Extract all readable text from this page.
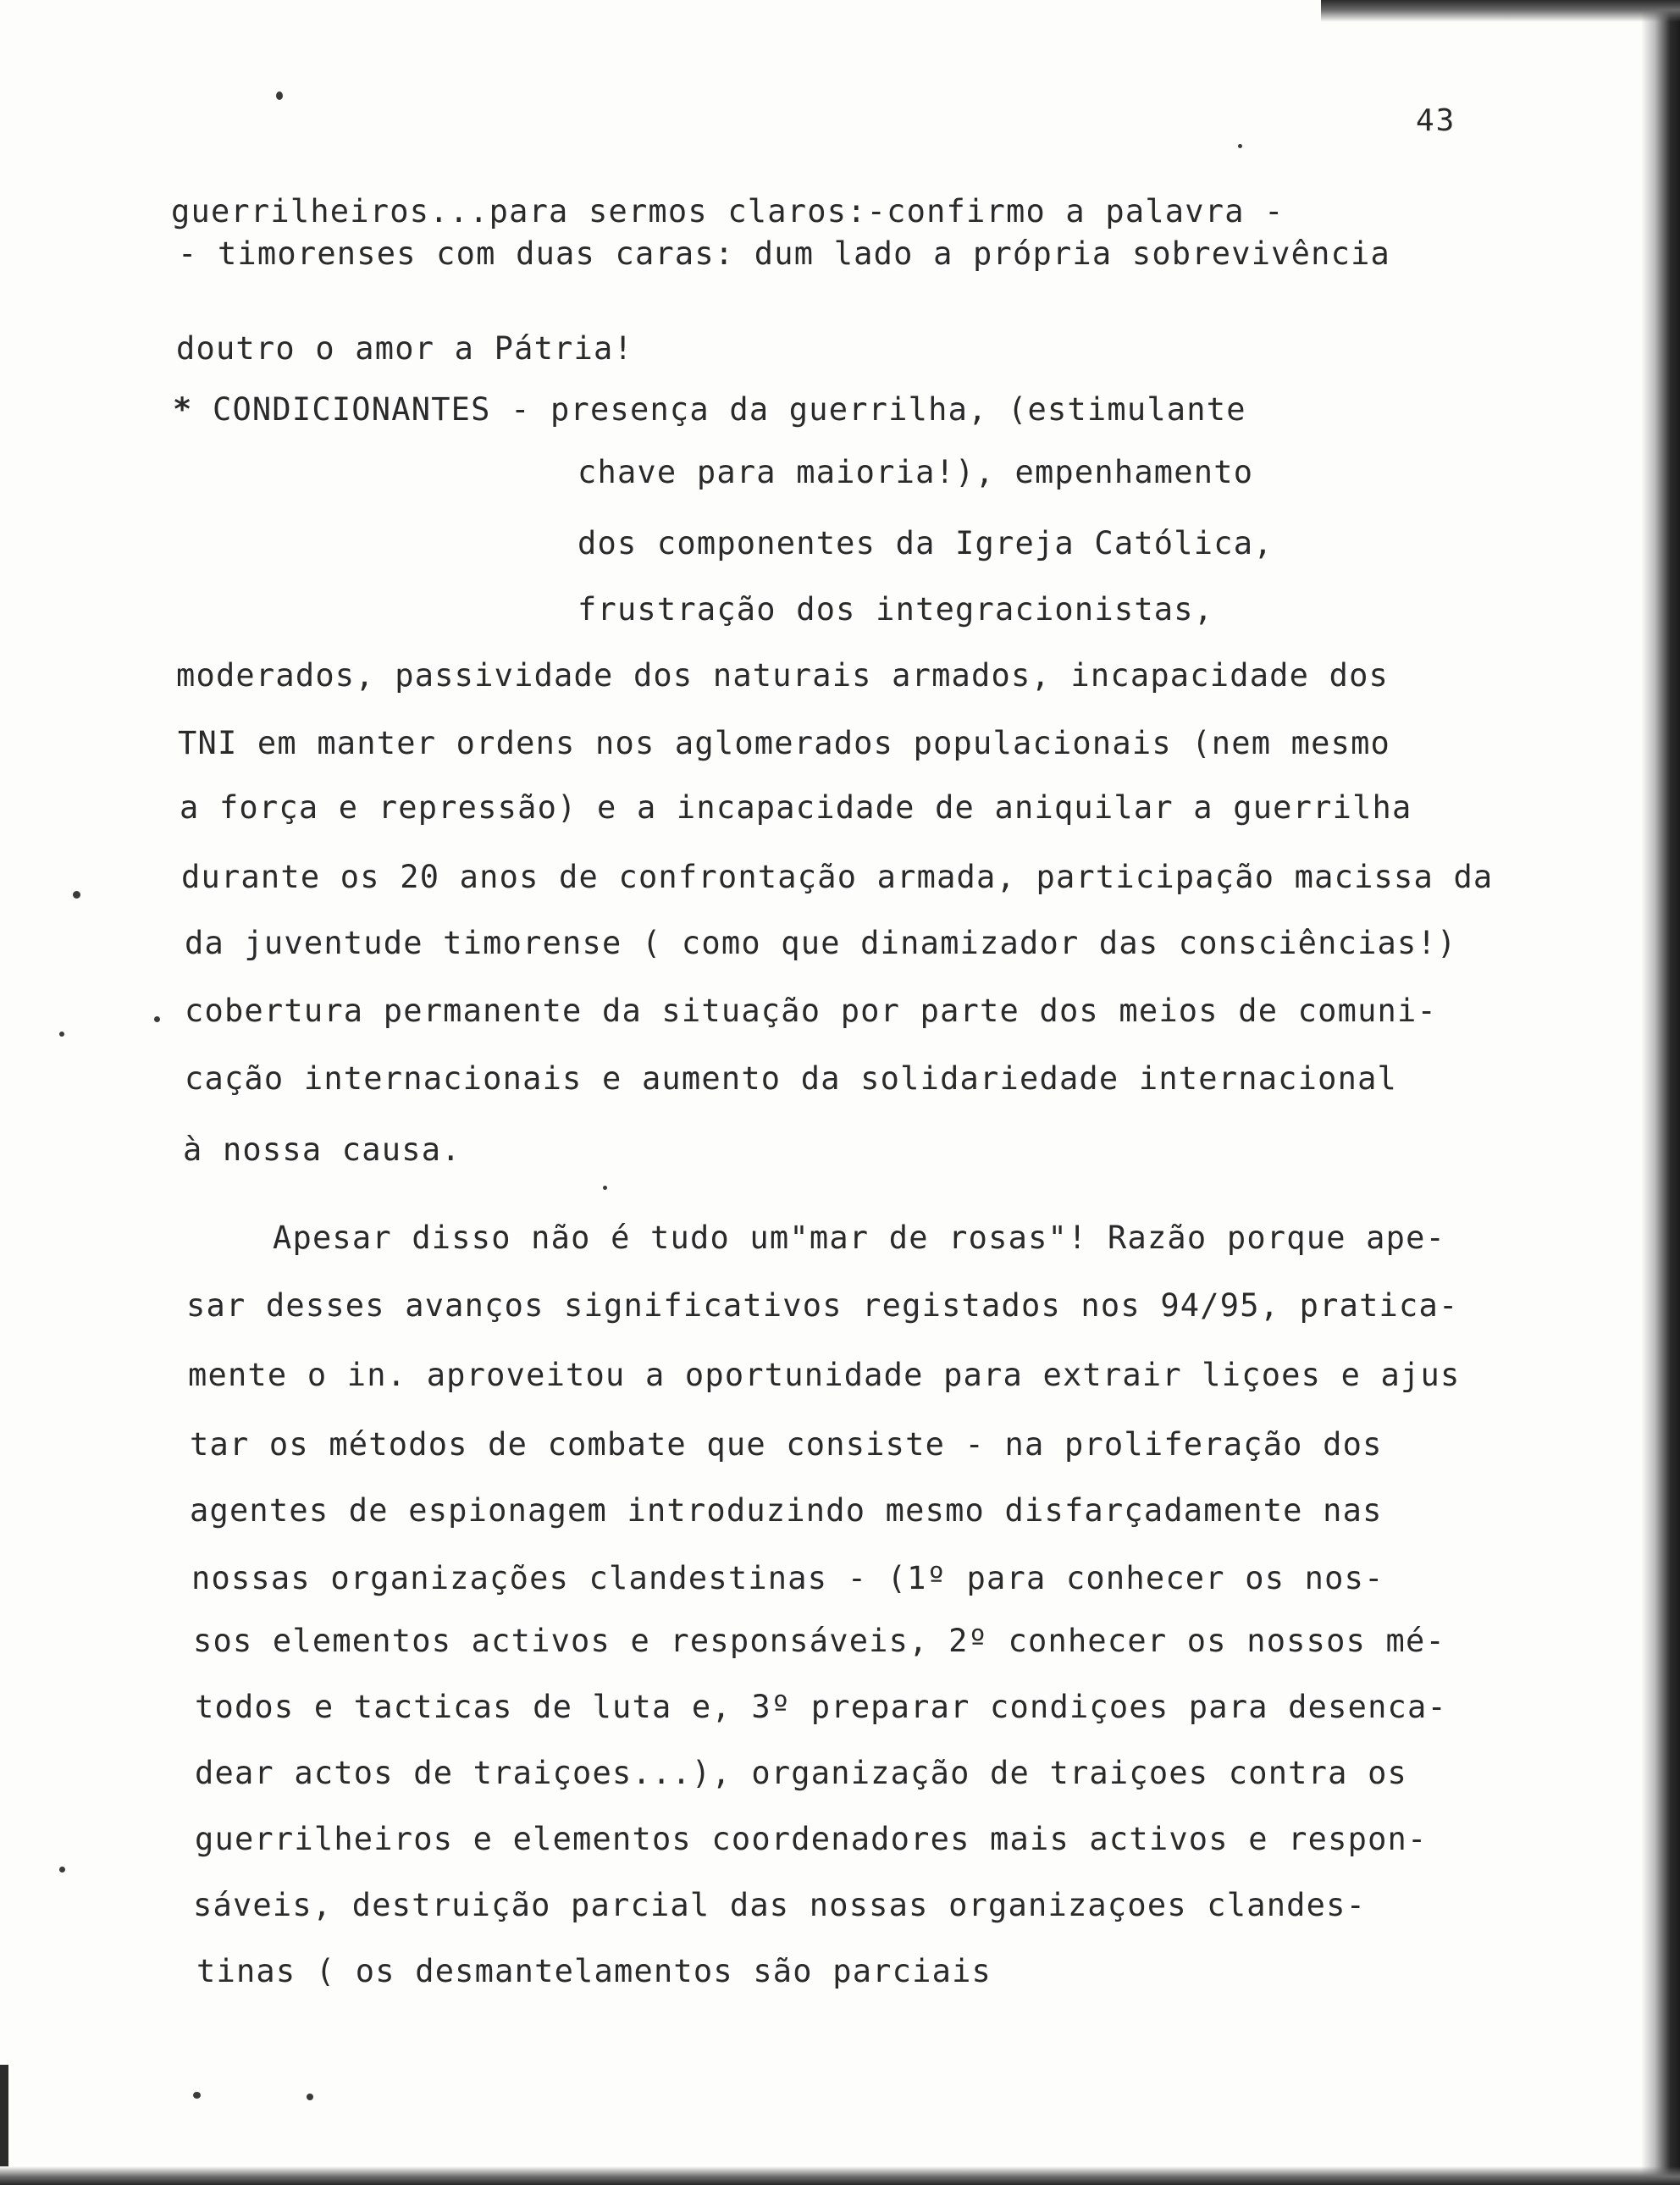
43
guerrilheiros...para sermos claros:-confirmo a palavra -
- timorenses com duas caras: dum lado a própria sobrevivência
doutro o amor a Pátria!
* CONDICIONANTES - presença da guerrilha, (estimulante
chave para maioria!), empenhamento
dos componentes da Igreja Católica,
frustração dos integracionistas,
moderados, passividade dos naturais armados, incapacidade dos
TNI em manter ordens nos aglomerados populacionais (nem mesmo
a força e repressão) e a incapacidade de aniquilar a guerrilha
durante os 20 anos de confrontação armada, participação macissa da
da juventude timorense ( como que dinamizador das consciências!)
cobertura permanente da situação por parte dos meios de comuni-
cação internacionais e aumento da solidariedade internacional
à nossa causa.
Apesar disso não é tudo um"mar de rosas"! Razão porque ape-
sar desses avanços significativos registados nos 94/95, pratica-
mente o in. aproveitou a oportunidade para extrair liçoes e ajus
tar os métodos de combate que consiste - na proliferação dos
agentes de espionagem introduzindo mesmo disfarçadamente nas
nossas organizações clandestinas - (1º para conhecer os nos-
sos elementos activos e responsáveis, 2º conhecer os nossos mé-
todos e tacticas de luta e, 3º preparar condiçoes para desenca-
dear actos de traiçoes...), organização de traiçoes contra os
guerrilheiros e elementos coordenadores mais activos e respon-
sáveis, destruição parcial das nossas organizaçoes clandes-
tinas ( os desmantelamentos são parciais
